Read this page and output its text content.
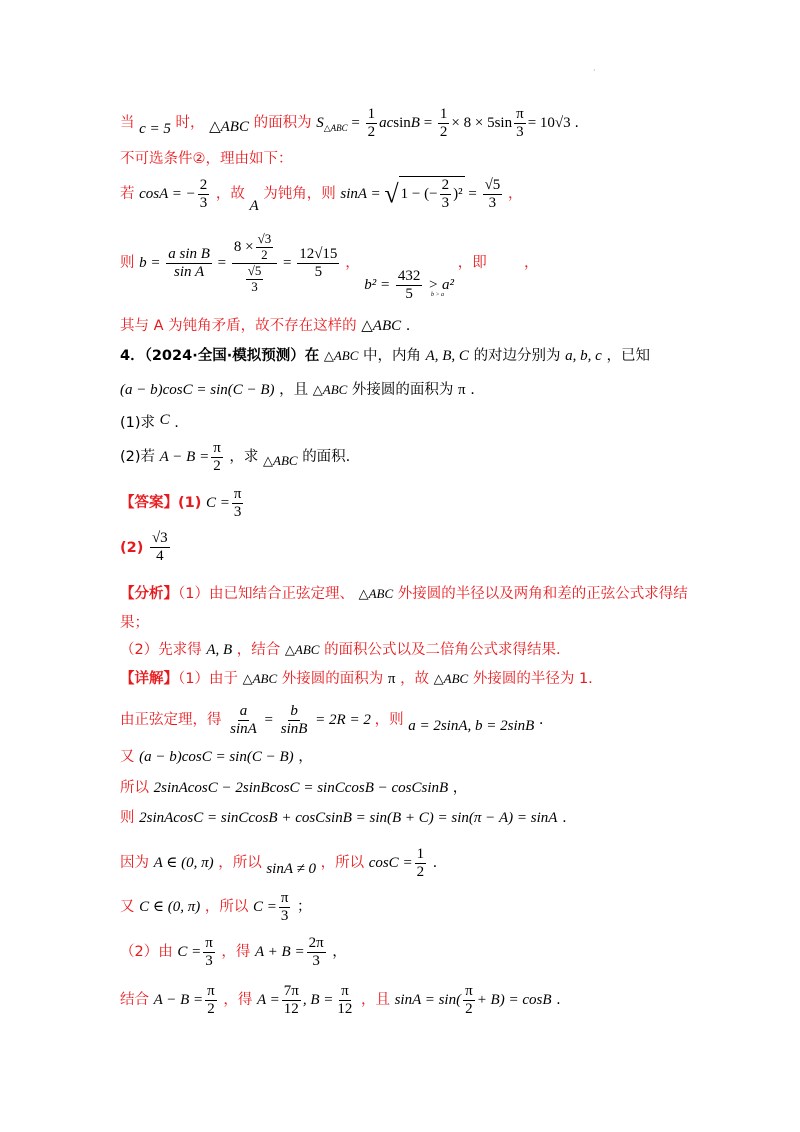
·
当 c = 5 时， △ABC 的面积为 $S_{\triangle ABC} = \frac{1}{2}$ $acsinB = \frac{1}{2} \times 8 \times 5\sin \frac{\pi}{3} = 10√3$ .
不可选条件②，理由如下：
若 cosA = − $\frac{2}{3}$ ，故 A 为钝角，则 sinA = √ 1 − (− $\frac{2}{3} )^2 = \frac{√5}{3}$ ，
则 $b = \frac{\text{a sin B}}{\text{sin A}} = \frac{8 \times \frac{√3}{2}}{\frac{√5}{3}} = \frac{12√15}{5}$ ， $b^2 = \frac{432}{5} > a^2$ ，即	，
b > a
其与 A 为钝角矛盾，故不存在这样的 △ABC .
4．（2024·全国·模拟预测）在 △ABC 中，内角 A, B, C 的对边分别为 a, b, c ，已知
(a − b)cosC = sin(C − B) ，且 △ABC 外接圆的面积为 π .
(1)求 C .
(2)若 $A - B = \frac{\pi}{2}$ ，求 △ABC 的面积.
【答案】(1) $C = \frac{\pi}{3}$
$(2) \frac{√3}{4}$
【分析】（1）由已知结合正弦定理、 △ABC 外接圆的半径以及两角和差的正弦公式求得结
果；
（2）先求得 A, B ，结合 △ABC 的面积公式以及二倍角公式求得结果.
【详解】（1）由于 △ABC 外接圆的面积为 π ，故 △ABC 外接圆的半径为 1.
由正弦定理，得 $\frac{a}{\sin A} = \frac{b}{\sin B} = 2R = 2$ ，则 a = 2sinA, b = 2sinB .
又 (a − b)cosC = sin(C − B) ，
所以 2sinAcosC − 2sinBcosC = sinCcosB − cosCsinB ，
则 2sinAcosC = sinCcosB + cosCsinB = sin(B + C) = sin(π − A) = sinA .
因为 A ∈ (0, π) ，所以 sinA ≠ 0 ，所以 $\cos C = \frac{1}{2}$ .
又 C ∈ (0, π) ，所以 $C = \frac{\pi}{3}$ ；
（2）由 $C = \frac{\pi}{3}$ ，得 $A + B = \frac{2\pi}{3}$ ，
结合 $A - B = \frac{\pi}{2}$ ，得 $A = \frac{7\pi}{12}$ , $B = \frac{\pi}{12}$ ，且 $\sin A = \sin( \frac{\pi}{2} + B) = \cos B$ .
